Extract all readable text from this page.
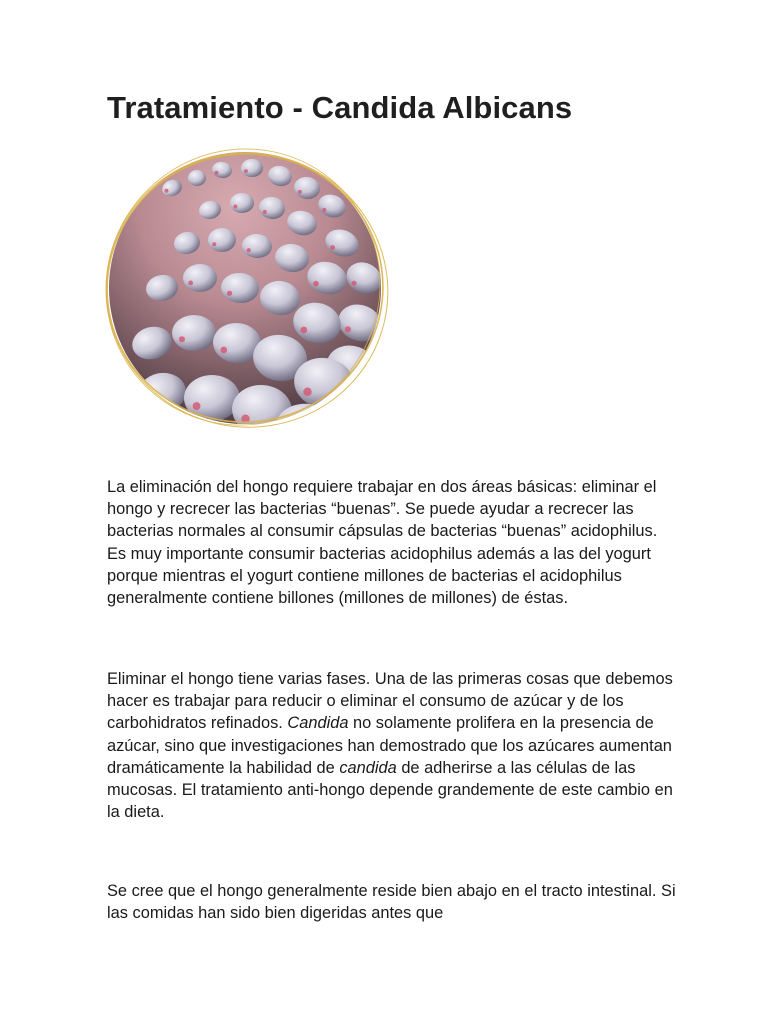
Tratamiento - Candida Albicans

La eliminación del hongo requiere trabajar en dos áreas básicas: eliminar el hongo y recrecer las bacterias “buenas”. Se puede ayudar a recrecer las bacterias normales al consumir cápsulas de bacterias “buenas” acidophilus. Es muy importante consumir bacterias acidophilus además a las del yogurt porque mientras el yogurt contiene millones de bacterias el acidophilus generalmente contiene billones (millones de millones) de éstas.

Eliminar el hongo tiene varias fases. Una de las primeras cosas que debemos hacer es trabajar para reducir o eliminar el consumo de azúcar y de los carbohidratos refinados. Candida no solamente prolifera en la presencia de azúcar, sino que investigaciones han demostrado que los azúcares aumentan dramáticamente la habilidad de candida de adherirse a las células de las mucosas. El tratamiento anti-hongo depende grandemente de este cambio en la dieta.

Se cree que el hongo generalmente reside bien abajo en el tracto intestinal. Si las comidas han sido bien digeridas antes que
